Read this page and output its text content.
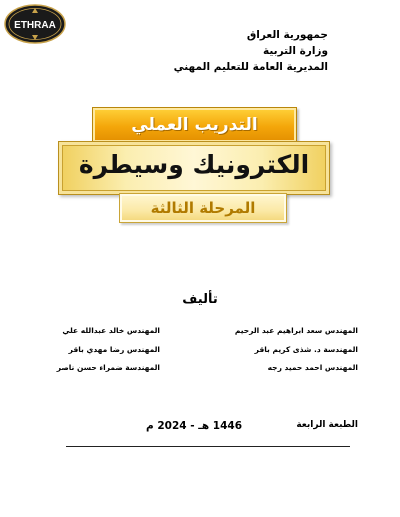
ETHRAA
جمهورية العراق
وزارة التربية
المديرية العامة للتعليم المهني
التدريب العملي
الكترونيك وسيطرة
المرحلة الثالثة
تأليف
المهندس سعد ابراهيم عبد الرحيم
المهندسة د. شذى كريم باقر
المهندس احمد حميد رجه
المهندس خالد عبدالله علي
المهندس رضا مهدي باقر
المهندسة ضمراء حسن ناصر
الطبعة الرابعة
1446 هـ - 2024 م
